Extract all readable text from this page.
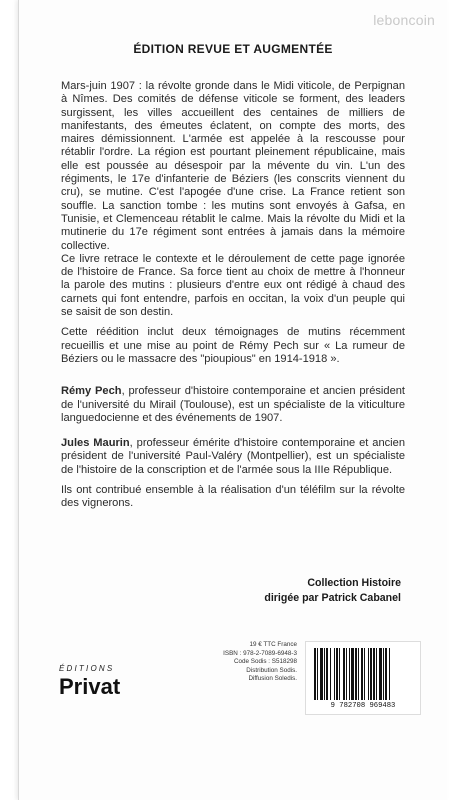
leboncoin
ÉDITION REVUE ET AUGMENTÉE

Mars-juin 1907 : la révolte gronde dans le Midi viticole, de Perpignan à Nîmes. Des comités de défense viticole se forment, des leaders surgissent, les villes accueillent des centaines de milliers de manifestants, des émeutes éclatent, on compte des morts, des maires démissionnent. L'armée est appelée à la rescousse pour rétablir l'ordre. La région est pourtant pleinement républicaine, mais elle est poussée au désespoir par la mévente du vin. L'un des régiments, le 17e d'infanterie de Béziers (les conscrits viennent du cru), se mutine. C'est l'apogée d'une crise. La France retient son souffle. La sanction tombe : les mutins sont envoyés à Gafsa, en Tunisie, et Clemenceau rétablit le calme. Mais la révolte du Midi et la mutinerie du 17e régiment sont entrées à jamais dans la mémoire collective.

Ce livre retrace le contexte et le déroulement de cette page ignorée de l'histoire de France. Sa force tient au choix de mettre à l'honneur la parole des mutins : plusieurs d'entre eux ont rédigé à chaud des carnets qui font entendre, parfois en occitan, la voix d'un peuple qui se saisit de son destin.

Cette réédition inclut deux témoignages de mutins récemment recueillis et une mise au point de Rémy Pech sur « La rumeur de Béziers ou le massacre des "pioupious" en 1914-1918 ».

Rémy Pech, professeur d'histoire contemporaine et ancien président de l'université du Mirail (Toulouse), est un spécialiste de la viticulture languedocienne et des événements de 1907.

Jules Maurin, professeur émérite d'histoire contemporaine et ancien président de l'université Paul-Valéry (Montpellier), est un spécialiste de l'histoire de la conscription et de l'armée sous la IIIe République.

Ils ont contribué ensemble à la réalisation d'un téléfilm sur la révolte des vignerons.

Collection Histoire
dirigée par Patrick Cabanel
ÉDITIONS
Privat
19 € TTC France
ISBN : 978-2-7089-6948-3
Code Sodis : S518298
Distribution Sodis.
Diffusion Soledis.
9 782708 969483
